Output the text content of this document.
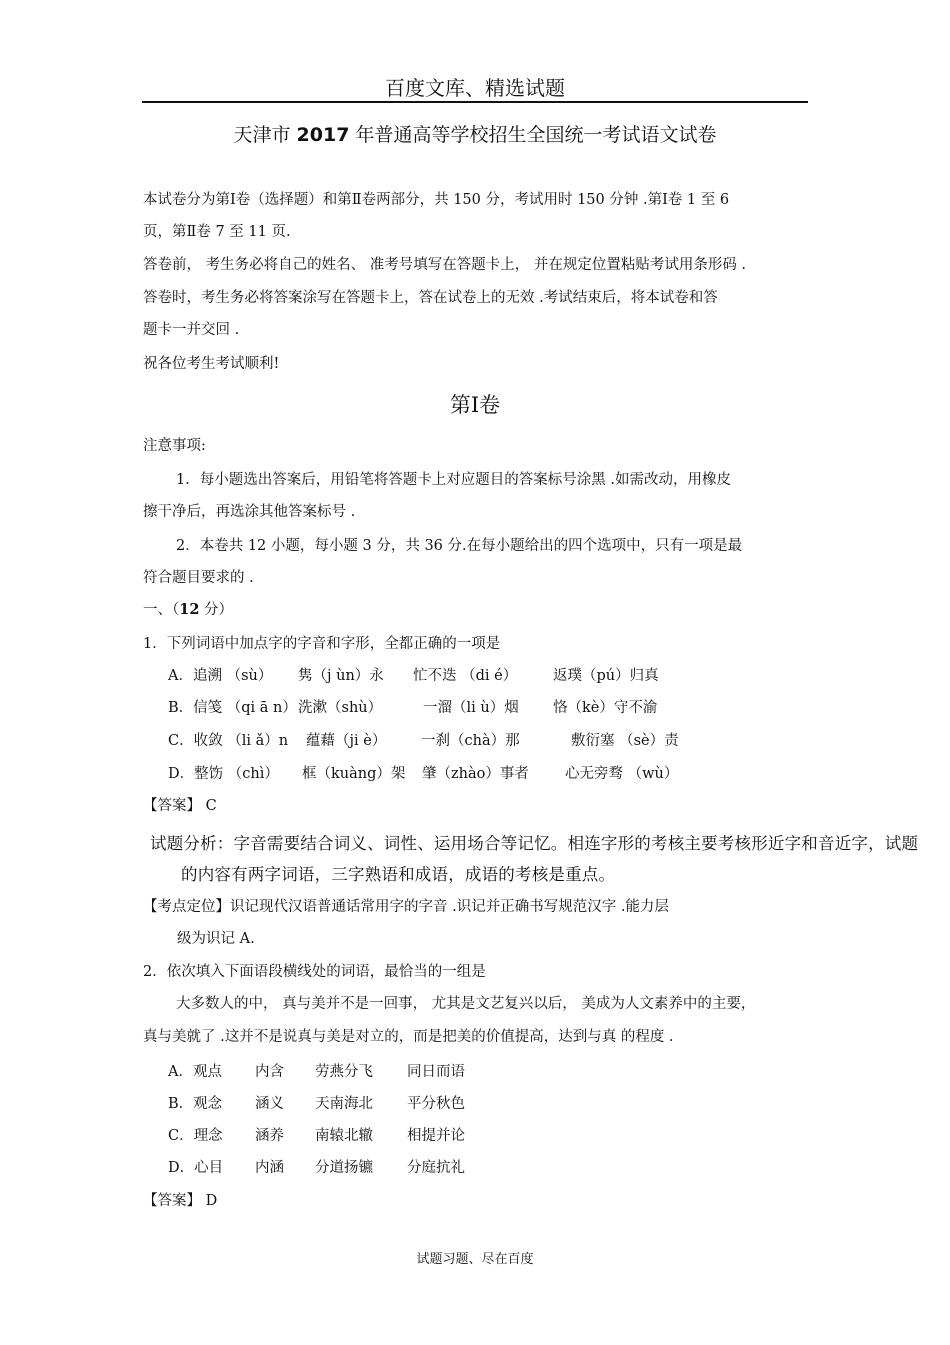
百度文库、精选试题
天津市 2017 年普通高等学校招生全国统一考试语文试卷
本试卷分为第Ⅰ卷（选择题）和第Ⅱ卷两部分，共 150 分，考试用时 150 分钟 .第Ⅰ卷 1 至 6
页，第Ⅱ卷 7 至 11 页.
答卷前， 考生务必将自己的姓名、 准考号填写在答题卡上， 并在规定位置粘贴考试用条形码 .
答卷时，考生务必将答案涂写在答题卡上，答在试卷上的无效 .考试结束后，将本试卷和答
题卡一并交回 .
祝各位考生考试顺利!
第Ⅰ卷
注意事项:
1．每小题选出答案后，用铅笔将答题卡上对应题目的答案标号涂黑 .如需改动，用橡皮
擦干净后，再选涂其他答案标号 .
2．本卷共 12 小题，每小题 3 分，共 36 分.在每小题给出的四个选项中，只有一项是最
符合题目要求的 .
一、（12 分）
1．下列词语中加点字的字音和字形，全都正确的一项是
A．追溯 （sù） 隽（j ùn）永 忙不迭 （di é） 返璞（pú）归真
B．信笺 （qi ā n）洗漱（shù）	一溜（li ù）烟 恪（kè）守不渝
C．收敛 （li ǎ）n 蕴藉（ji è） 一刹（chà）那	敷衍塞 （sè）责
D．整饬 （chì） 框（kuàng）架 肇（zhào）事者 心无旁骛 （wù）
【答案】 C
试题分析：字音需要结合词义、词性、运用场合等记忆。相连字形的考核主要考核形近字和音近字，试题
的内容有两字词语，三字熟语和成语，成语的考核是重点。
【考点定位】识记现代汉语普通话常用字的字音 .识记并正确书写规范汉字 .能力层
级为识记 A.
2．依次填入下面语段横线处的词语，最恰当的一组是
大多数人的中， 真与美并不是一回事， 尤其是文艺复兴以后， 美成为人文素养中的主要，
真与美就了 .这并不是说真与美是对立的，而是把美的价值提高，达到与真 的程度 .
A．观点 内含 劳燕分飞 同日而语
B．观念 涵义 天南海北 平分秋色
C．理念 涵养 南辕北辙 相提并论
D．心目 内涵 分道扬镳 分庭抗礼
【答案】 D
试题习题、尽在百度
